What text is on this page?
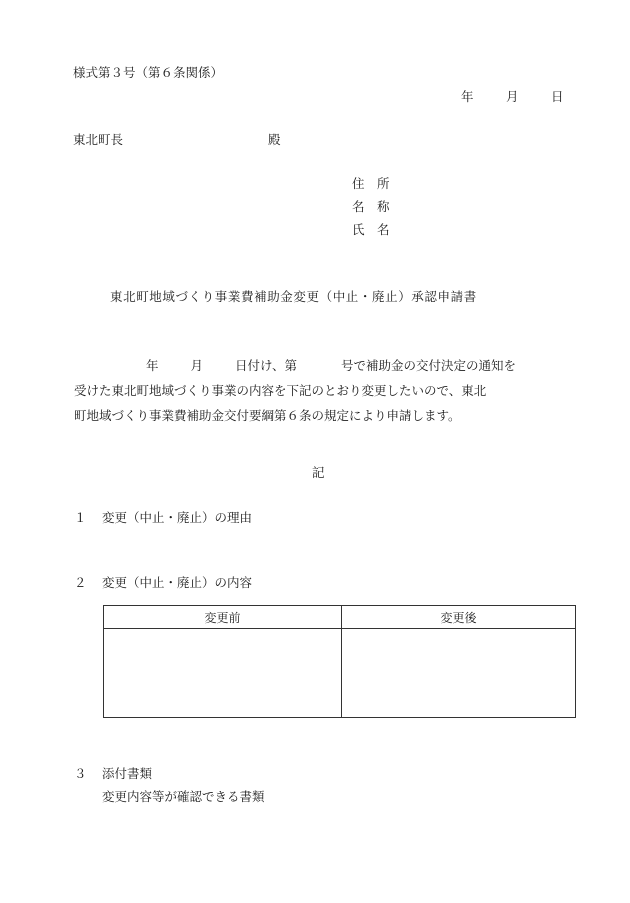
様式第３号（第６条関係）
年	月	日
東北町長	殿
住　所
名　称
氏　名
東北町地域づくり事業費補助金変更（中止・廃止）承認申請書
年	月	日付け、第	号で補助金の交付決定の通知を
受けた東北町地域づくり事業の内容を下記のとおり変更したいので、東北
町地域づくり事業費補助金交付要綱第６条の規定により申請します。
記
１ 変更（中止・廃止）の理由
２ 変更（中止・廃止）の内容
変更前	変更後

３ 添付書類
変更内容等が確認できる書類
